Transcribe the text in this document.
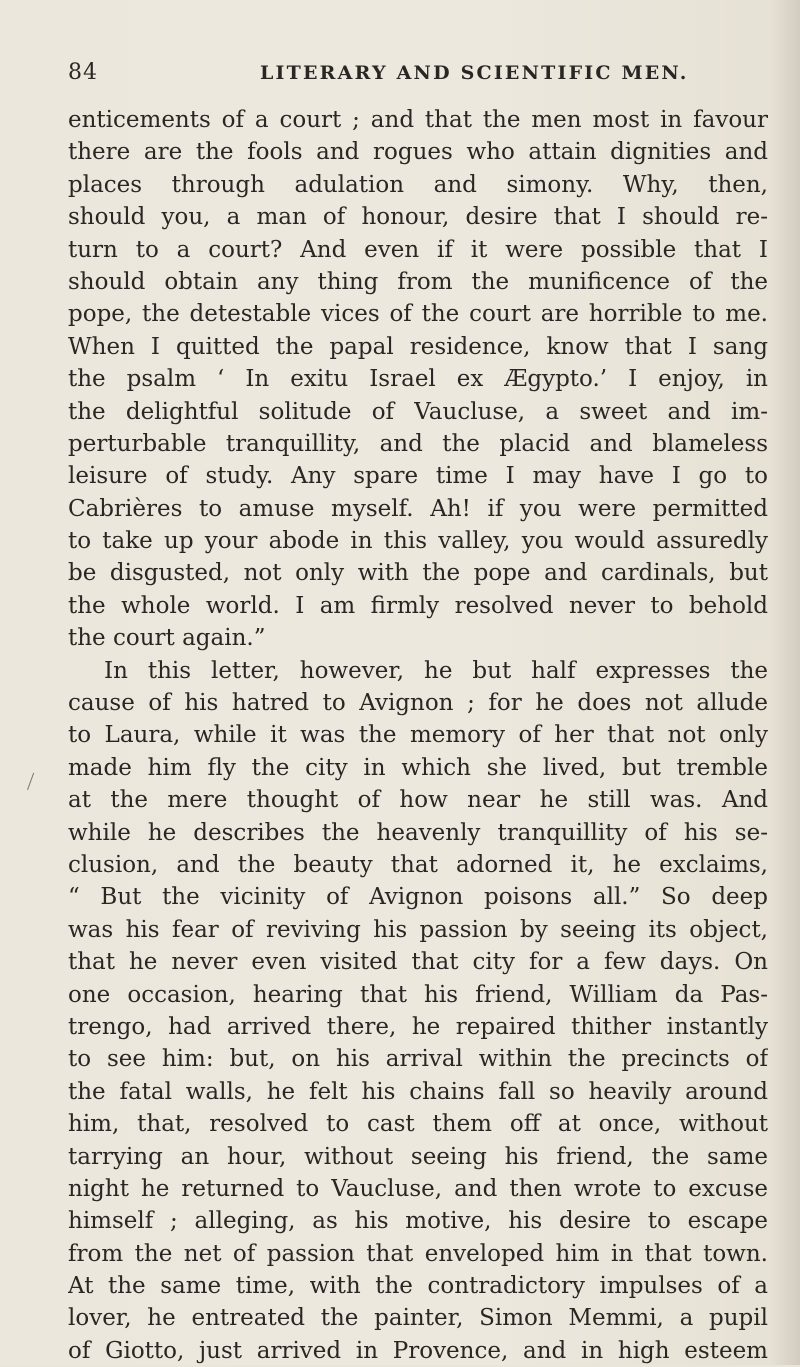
84	LITERARY AND SCIENTIFIC MEN.
enticements of a court ; and that the men most in favour
there are the fools and rogues who attain dignities and
places through adulation and simony. Why, then,
should you, a man of honour, desire that I should re-
turn to a court? And even if it were possible that I
should obtain any thing from the munificence of the
pope, the detestable vices of the court are horrible to me.
When I quitted the papal residence, know that I sang
the psalm ‘ In exitu Israel ex Ægypto.’ I enjoy, in
the delightful solitude of Vaucluse, a sweet and im-
perturbable tranquillity, and the placid and blameless
leisure of study. Any spare time I may have I go to
Cabrières to amuse myself. Ah! if you were permitted
to take up your abode in this valley, you would assuredly
be disgusted, not only with the pope and cardinals, but
the whole world. I am firmly resolved never to behold
the court again.”
In this letter, however, he but half expresses the
cause of his hatred to Avignon ; for he does not allude
to Laura, while it was the memory of her that not only
made him fly the city in which she lived, but tremble
at the mere thought of how near he still was. And
while he describes the heavenly tranquillity of his se-
clusion, and the beauty that adorned it, he exclaims,
“ But the vicinity of Avignon poisons all.” So deep
was his fear of reviving his passion by seeing its object,
that he never even visited that city for a few days. On
one occasion, hearing that his friend, William da Pas-
trengo, had arrived there, he repaired thither instantly
to see him: but, on his arrival within the precincts of
the fatal walls, he felt his chains fall so heavily around
him, that, resolved to cast them off at once, without
tarrying an hour, without seeing his friend, the same
night he returned to Vaucluse, and then wrote to excuse
himself ; alleging, as his motive, his desire to escape
from the net of passion that enveloped him in that town.
At the same time, with the contradictory impulses of a
lover, he entreated the painter, Simon Memmi, a pupil
of Giotto, just arrived in Provence, and in high esteem
